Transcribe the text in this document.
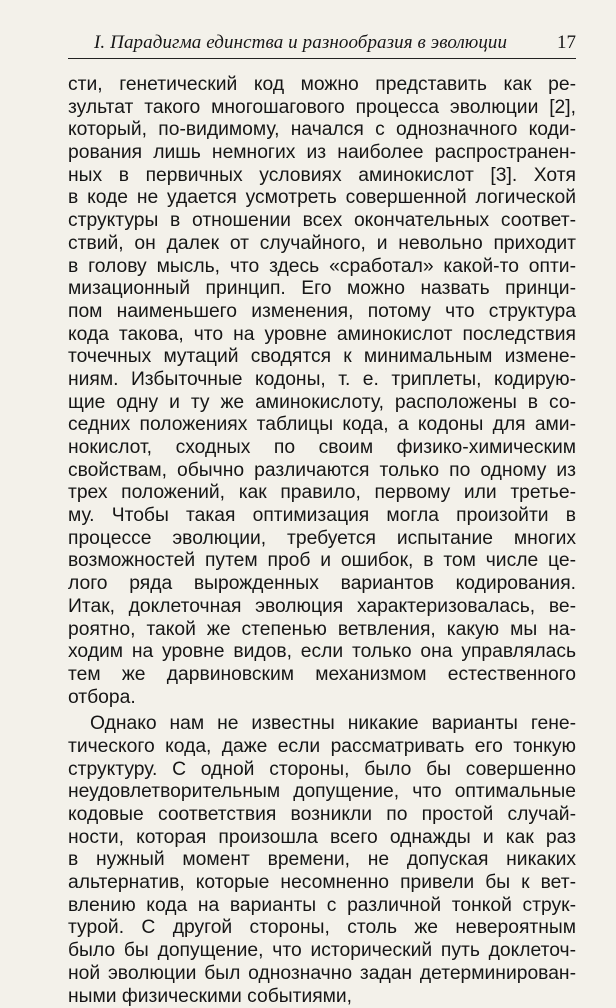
I. Парадигма единства и разнообразия в эволюции	17
сти, генетический код можно представить как ре-
зультат такого многошагового процесса эволюции [2],
который, по-видимому, начался с однозначного коди-
рования лишь немногих из наиболее распространен-
ных в первичных условиях аминокислот [3]. Хотя
в коде не удается усмотреть совершенной логической
структуры в отношении всех окончательных соответ-
ствий, он далек от случайного, и невольно приходит
в голову мысль, что здесь «сработал» какой-то опти-
мизационный принцип. Его можно назвать принци-
пом наименьшего изменения, потому что структура
кода такова, что на уровне аминокислот последствия
точечных мутаций сводятся к минимальным измене-
ниям. Избыточные кодоны, т. е. триплеты, кодирую-
щие одну и ту же аминокислоту, расположены в со-
седних положениях таблицы кода, а кодоны для ами-
нокислот, сходных по своим физико-химическим
свойствам, обычно различаются только по одному из
трех положений, как правило, первому или третье-
му. Чтобы такая оптимизация могла произойти в
процессе эволюции, требуется испытание многих
возможностей путем проб и ошибок, в том числе це-
лого ряда вырожденных вариантов кодирования.
Итак, доклеточная эволюция характеризовалась, ве-
роятно, такой же степенью ветвления, какую мы на-
ходим на уровне видов, если только она управлялась
тем же дарвиновским механизмом естественного
отбора.
Однако нам не известны никакие варианты гене-
тического кода, даже если рассматривать его тонкую
структуру. С одной стороны, было бы совершенно
неудовлетворительным допущение, что оптимальные
кодовые соответствия возникли по простой случай-
ности, которая произошла всего однажды и как раз
в нужный момент времени, не допуская никаких
альтернатив, которые несомненно привели бы к вет-
влению кода на варианты с различной тонкой струк-
турой. С другой стороны, столь же невероятным
было бы допущение, что исторический путь доклеточ-
ной эволюции был однозначно задан детерминирован-
ными физическими событиями,
